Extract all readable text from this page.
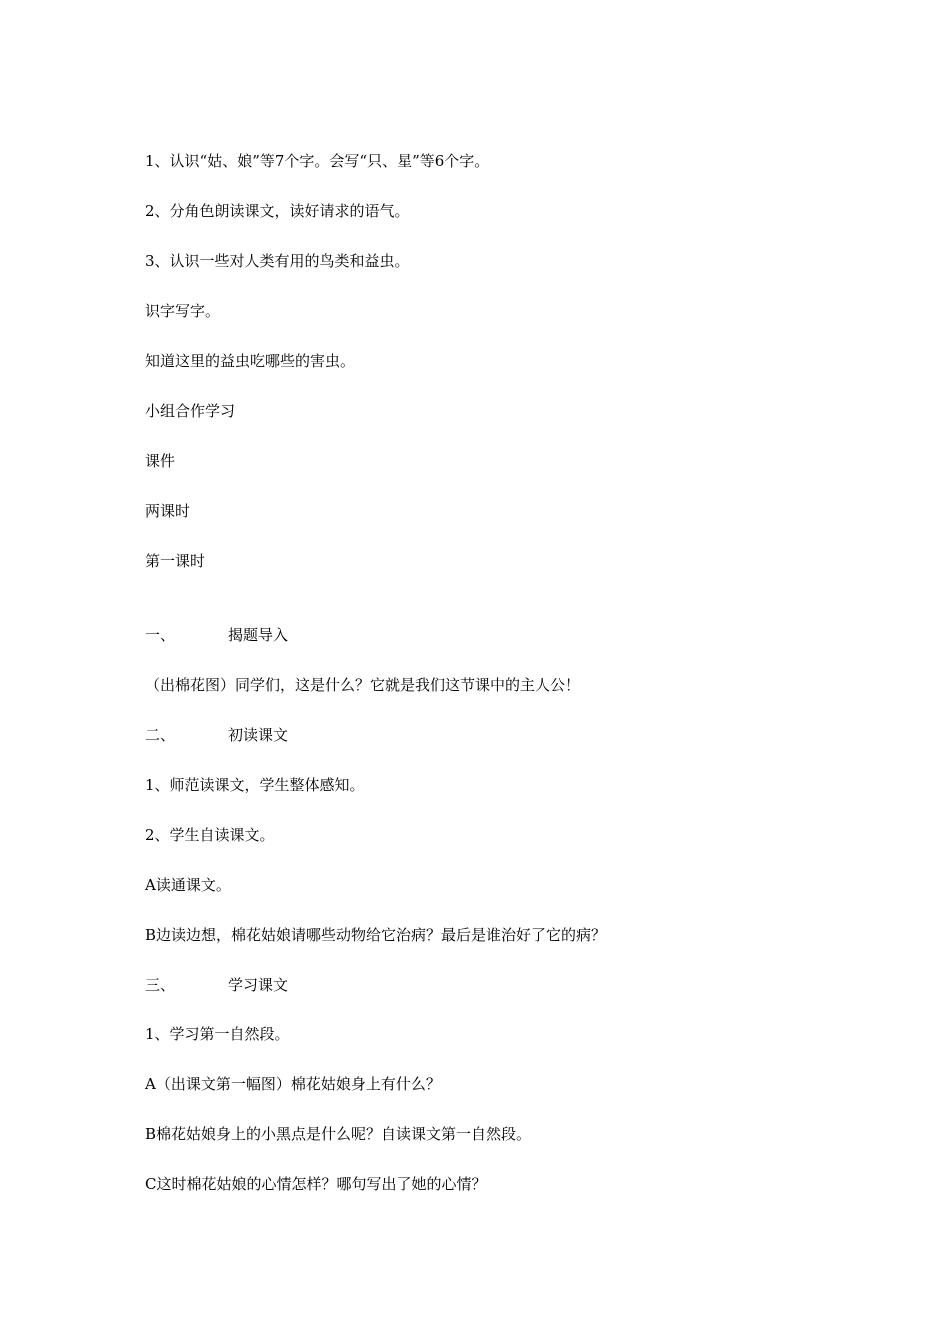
1、认识“姑、娘”等7个字。会写“只、星”等6个字。
2、分角色朗读课文，读好请求的语气。
3、认识一些对人类有用的鸟类和益虫。
识字写字。
知道这里的益虫吃哪些的害虫。
小组合作学习
课件
两课时
第一课时
一、	揭题导入
（出棉花图）同学们，这是什么？它就是我们这节课中的主人公！
二、	初读课文
1、师范读课文，学生整体感知。
2、学生自读课文。
A读通课文。
B边读边想，棉花姑娘请哪些动物给它治病？最后是谁治好了它的病？
三、	学习课文
1、学习第一自然段。
A（出课文第一幅图）棉花姑娘身上有什么？
B棉花姑娘身上的小黑点是什么呢？自读课文第一自然段。
C这时棉花姑娘的心情怎样？哪句写出了她的心情？
